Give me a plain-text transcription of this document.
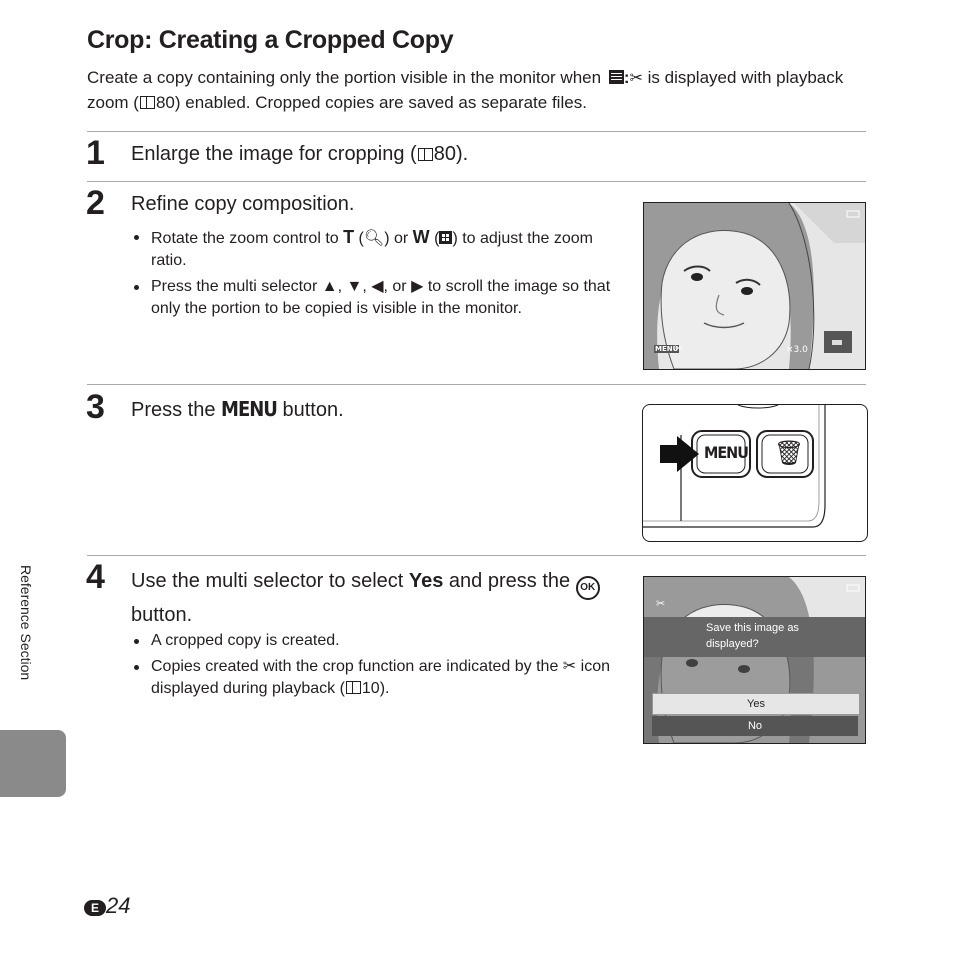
Crop: Creating a Cropped Copy
Create a copy containing only the portion visible in the monitor when :✂ is displayed with playback zoom ( 80) enabled. Cropped copies are saved as separate files.
1 Enlarge the image for cropping ( 80).
2 Refine copy composition.
Rotate the zoom control to T (🔍︎) or W ( ) to adjust the zoom ratio.
Press the multi selector ▲, ▼, ◀, or ▶ to scroll the image so that only the portion to be copied is visible in the monitor.
MENU
✂	×3.0
3 Press the MENU button.
MENU 🗑︎
4 Use the multi selector to select Yes and press the OK button.
A cropped copy is created.
Copies created with the crop function are indicated by the ✂ icon displayed during playback ( 10).
✂
Save this image as displayed?
Yes
No
Reference Section
E 24
